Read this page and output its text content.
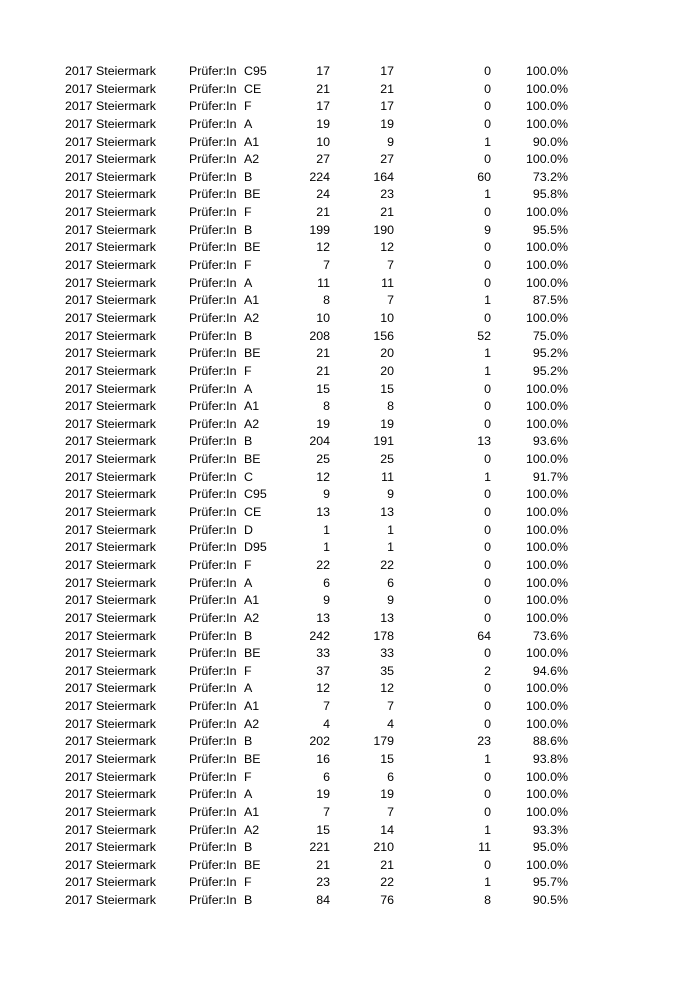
2017 Steiermark	Prüfer:In C95	17	17	0	100.0%
2017 Steiermark	Prüfer:In CE	21	21	0	100.0%
2017 Steiermark	Prüfer:In F	17	17	0	100.0%
2017 Steiermark	Prüfer:In A	19	19	0	100.0%
2017 Steiermark	Prüfer:In A1	10	9	1	90.0%
2017 Steiermark	Prüfer:In A2	27	27	0	100.0%
2017 Steiermark	Prüfer:In B	224	164	60	73.2%
2017 Steiermark	Prüfer:In BE	24	23	1	95.8%
2017 Steiermark	Prüfer:In F	21	21	0	100.0%
2017 Steiermark	Prüfer:In B	199	190	9	95.5%
2017 Steiermark	Prüfer:In BE	12	12	0	100.0%
2017 Steiermark	Prüfer:In F	7	7	0	100.0%
2017 Steiermark	Prüfer:In A	11	11	0	100.0%
2017 Steiermark	Prüfer:In A1	8	7	1	87.5%
2017 Steiermark	Prüfer:In A2	10	10	0	100.0%
2017 Steiermark	Prüfer:In B	208	156	52	75.0%
2017 Steiermark	Prüfer:In BE	21	20	1	95.2%
2017 Steiermark	Prüfer:In F	21	20	1	95.2%
2017 Steiermark	Prüfer:In A	15	15	0	100.0%
2017 Steiermark	Prüfer:In A1	8	8	0	100.0%
2017 Steiermark	Prüfer:In A2	19	19	0	100.0%
2017 Steiermark	Prüfer:In B	204	191	13	93.6%
2017 Steiermark	Prüfer:In BE	25	25	0	100.0%
2017 Steiermark	Prüfer:In C	12	11	1	91.7%
2017 Steiermark	Prüfer:In C95	9	9	0	100.0%
2017 Steiermark	Prüfer:In CE	13	13	0	100.0%
2017 Steiermark	Prüfer:In D	1	1	0	100.0%
2017 Steiermark	Prüfer:In D95	1	1	0	100.0%
2017 Steiermark	Prüfer:In F	22	22	0	100.0%
2017 Steiermark	Prüfer:In A	6	6	0	100.0%
2017 Steiermark	Prüfer:In A1	9	9	0	100.0%
2017 Steiermark	Prüfer:In A2	13	13	0	100.0%
2017 Steiermark	Prüfer:In B	242	178	64	73.6%
2017 Steiermark	Prüfer:In BE	33	33	0	100.0%
2017 Steiermark	Prüfer:In F	37	35	2	94.6%
2017 Steiermark	Prüfer:In A	12	12	0	100.0%
2017 Steiermark	Prüfer:In A1	7	7	0	100.0%
2017 Steiermark	Prüfer:In A2	4	4	0	100.0%
2017 Steiermark	Prüfer:In B	202	179	23	88.6%
2017 Steiermark	Prüfer:In BE	16	15	1	93.8%
2017 Steiermark	Prüfer:In F	6	6	0	100.0%
2017 Steiermark	Prüfer:In A	19	19	0	100.0%
2017 Steiermark	Prüfer:In A1	7	7	0	100.0%
2017 Steiermark	Prüfer:In A2	15	14	1	93.3%
2017 Steiermark	Prüfer:In B	221	210	11	95.0%
2017 Steiermark	Prüfer:In BE	21	21	0	100.0%
2017 Steiermark	Prüfer:In F	23	22	1	95.7%
2017 Steiermark	Prüfer:In B	84	76	8	90.5%
